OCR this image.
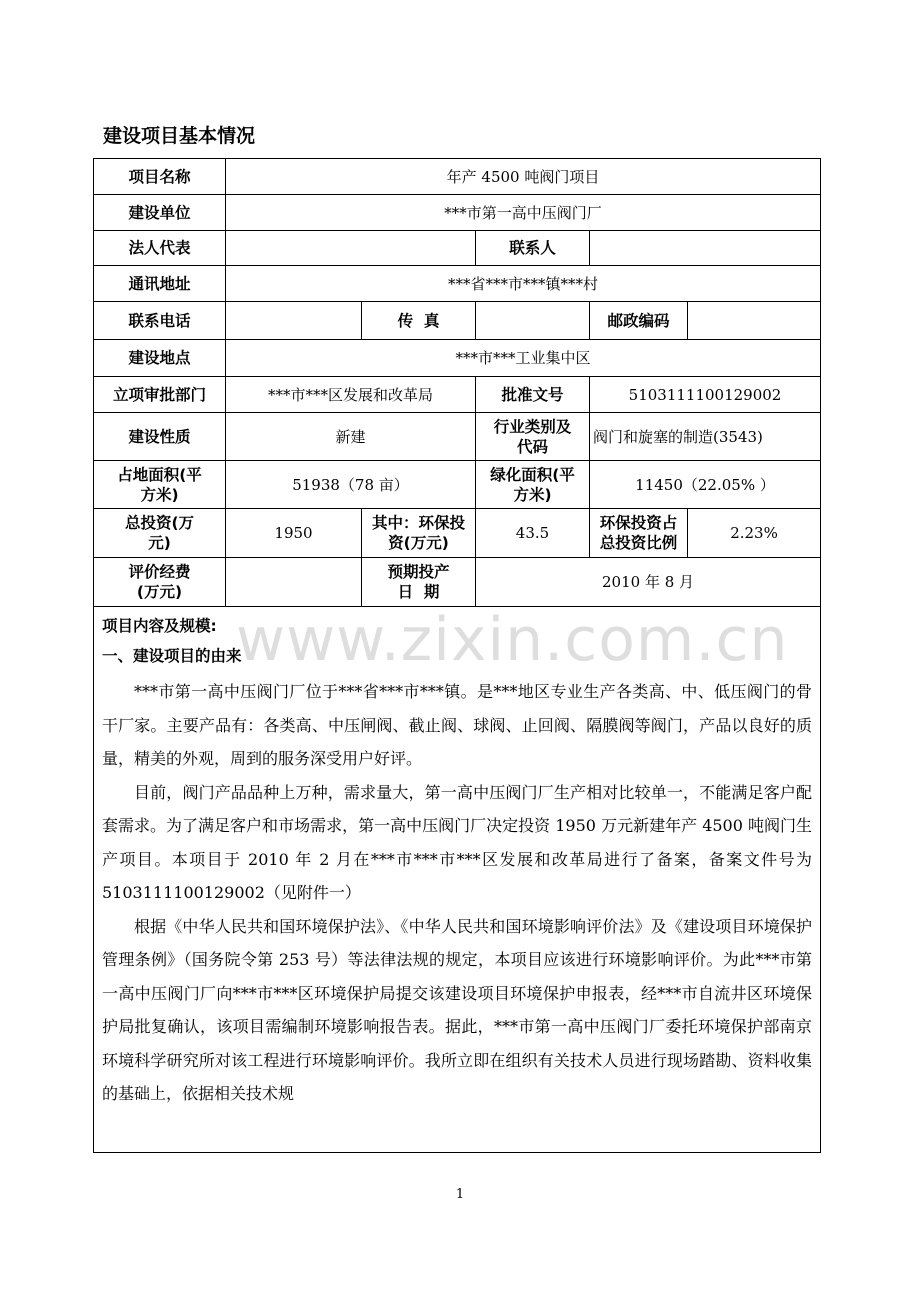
建设项目基本情况
项目名称	年产 4500 吨阀门项目				
建设单位	***市第一高中压阀门厂				
法人代表			联系人		
通讯地址	***省***市***镇***村				
联系电话		传  真		邮政编码	
建设地点	***市***工业集中区				
立项审批部门	***市***区发展和改革局		批准文号	5103111100129002	
建设性质	新建		行业类别及代码	阀门和旋塞的制造(3543)	
占地面积(平方米)	51938（78 亩）		绿化面积(平方米)	11450（22.05% ）	
总投资(万元)	1950	其中：环保投资(万元)	43.5	环保投资占总投资比例	2.23%
评价经费(万元)		预期投产日  期	2010 年 8 月		

项目内容及规模:
一、建设项目的由来

***市第一高中压阀门厂位于***省***市***镇。是***地区专业生产各类高、中、低压阀门的骨干厂家。主要产品有：各类高、中压闸阀、截止阀、球阀、止回阀、隔膜阀等阀门，产品以良好的质量，精美的外观，周到的服务深受用户好评。

目前，阀门产品品种上万种，需求量大，第一高中压阀门厂生产相对比较单一，不能满足客户配套需求。为了满足客户和市场需求，第一高中压阀门厂决定投资 1950 万元新建年产 4500 吨阀门生产项目。本项目于 2010 年 2 月在***市***市***区发展和改革局进行了备案，备案文件号为 5103111100129002（见附件一）

根据《中华人民共和国环境保护法》、《中华人民共和国环境影响评价法》及《建设项目环境保护管理条例》（国务院令第 253 号）等法律法规的规定，本项目应该进行环境影响评价。为此***市第一高中压阀门厂向***市***区环境保护局提交该建设项目环境保护申报表，经***市自流井区环境保护局批复确认，该项目需编制环境影响报告表。据此，***市第一高中压阀门厂委托环境保护部南京环境科学研究所对该工程进行环境影响评价。我所立即在组织有关技术人员进行现场踏勘、资料收集的基础上，依据相关技术规					

www.zixin.com.cn
1
